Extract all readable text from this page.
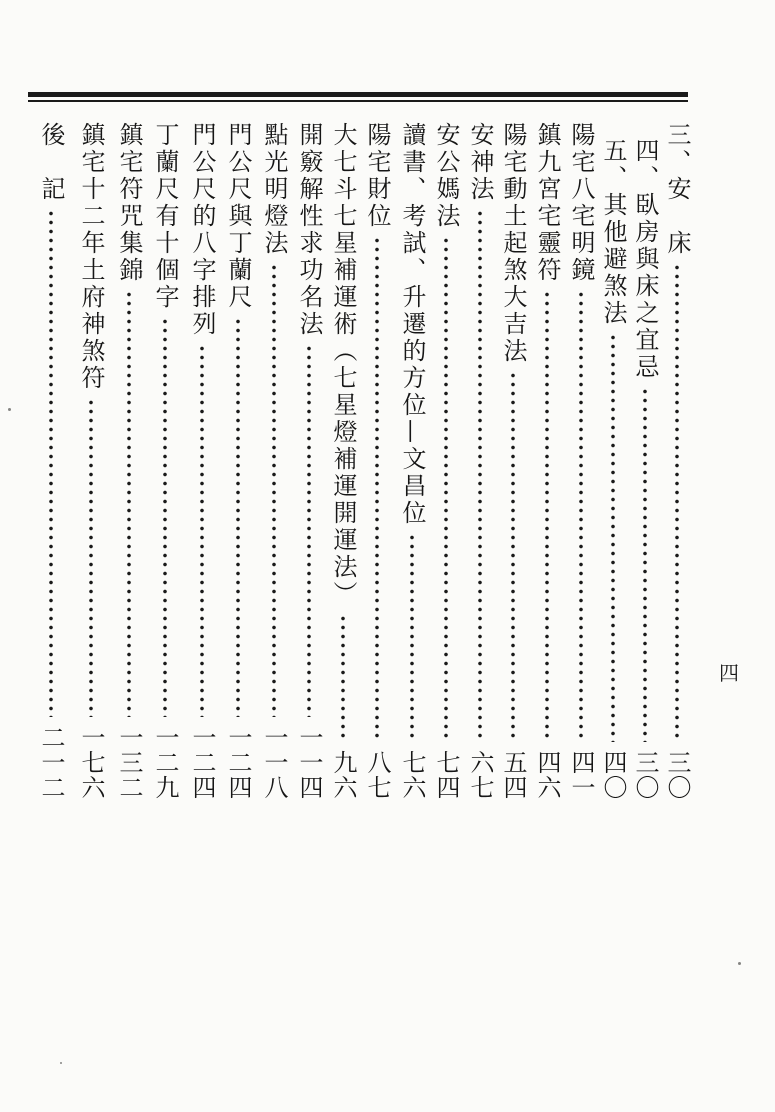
三、安　床
三〇
四、臥房與床之宜忌
三〇
五、其他避煞法
四〇
陽宅八宅明鏡
四一
鎮九宮宅靈符
四六
陽宅動土起煞大吉法
五四
安神法
六七
安公媽法
七四
讀書、考試、升遷的方位—文昌位
七六
陽宅財位
八七
大七斗七星補運術（七星燈補運開運法）
九六
開竅解性求功名法
一一四
點光明燈法
一一八
門公尺與丁蘭尺
一二四
門公尺的八字排列
一二四
丁蘭尺有十個字
一二九
鎮宅符咒集錦
一三二
鎮宅十二年土府神煞符
一七六
後　記
二一二
四
